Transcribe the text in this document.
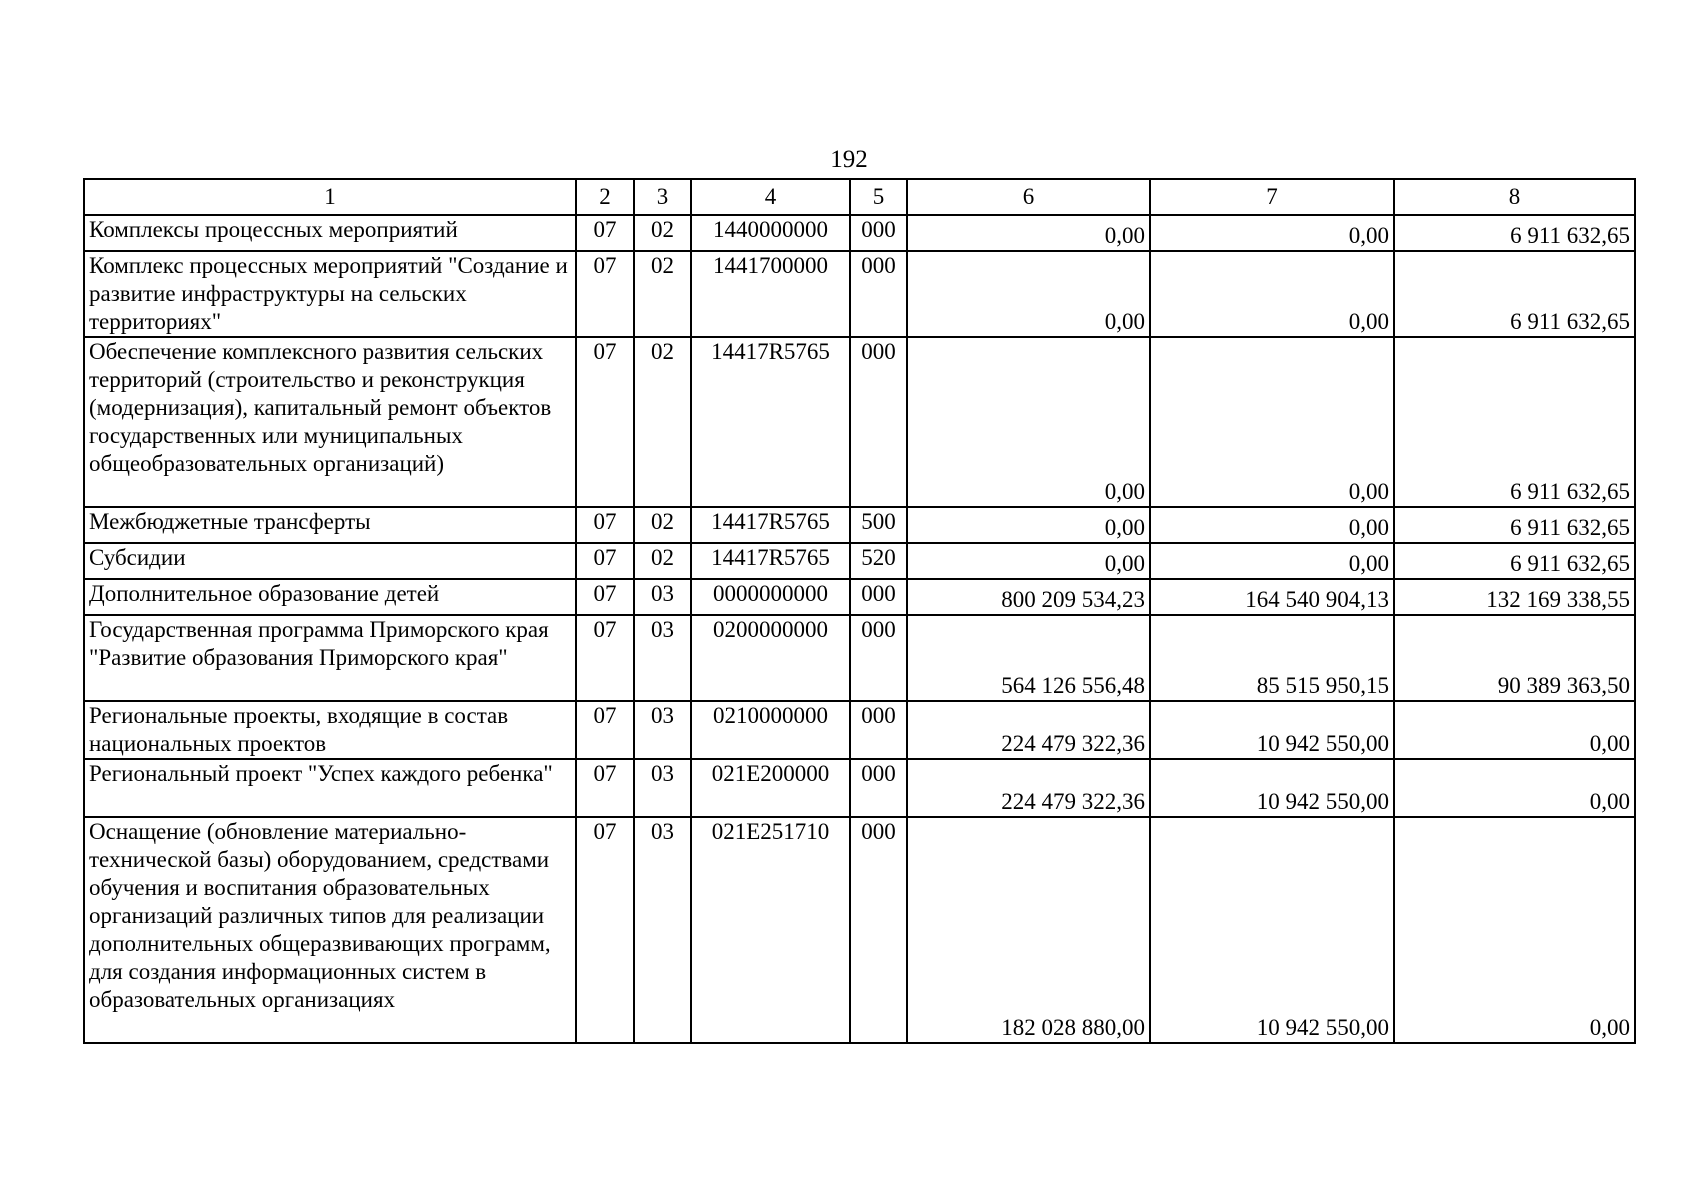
192
1	2	3	4	5	6	7	8
Комплексы процессных мероприятий	07	02	1440000000	000	0,00	0,00	6 911 632,65
Комплекс процессных мероприятий "Создание и развитие инфраструктуры на сельских территориях"	07	02	1441700000	000	0,00	0,00	6 911 632,65
Обеспечение комплексного развития сельских территорий (строительство и реконструкция (модернизация), капитальный ремонт объектов государственных или муниципальных общеобразовательных организаций)	07	02	14417R5765	000	0,00	0,00	6 911 632,65
Межбюджетные трансферты	07	02	14417R5765	500	0,00	0,00	6 911 632,65
Субсидии	07	02	14417R5765	520	0,00	0,00	6 911 632,65
Дополнительное образование детей	07	03	0000000000	000	800 209 534,23	164 540 904,13	132 169 338,55
Государственная программа Приморского края "Развитие образования Приморского края"	07	03	0200000000	000	564 126 556,48	85 515 950,15	90 389 363,50
Региональные проекты, входящие в состав национальных проектов	07	03	0210000000	000	224 479 322,36	10 942 550,00	0,00
Региональный проект "Успех каждого ребенка"	07	03	021E200000	000	224 479 322,36	10 942 550,00	0,00
Оснащение (обновление материально-технической базы) оборудованием, средствами обучения и воспитания образовательных организаций различных типов для реализации дополнительных общеразвивающих программ, для создания информационных систем в образовательных организациях	07	03	021E251710	000	182 028 880,00	10 942 550,00	0,00
